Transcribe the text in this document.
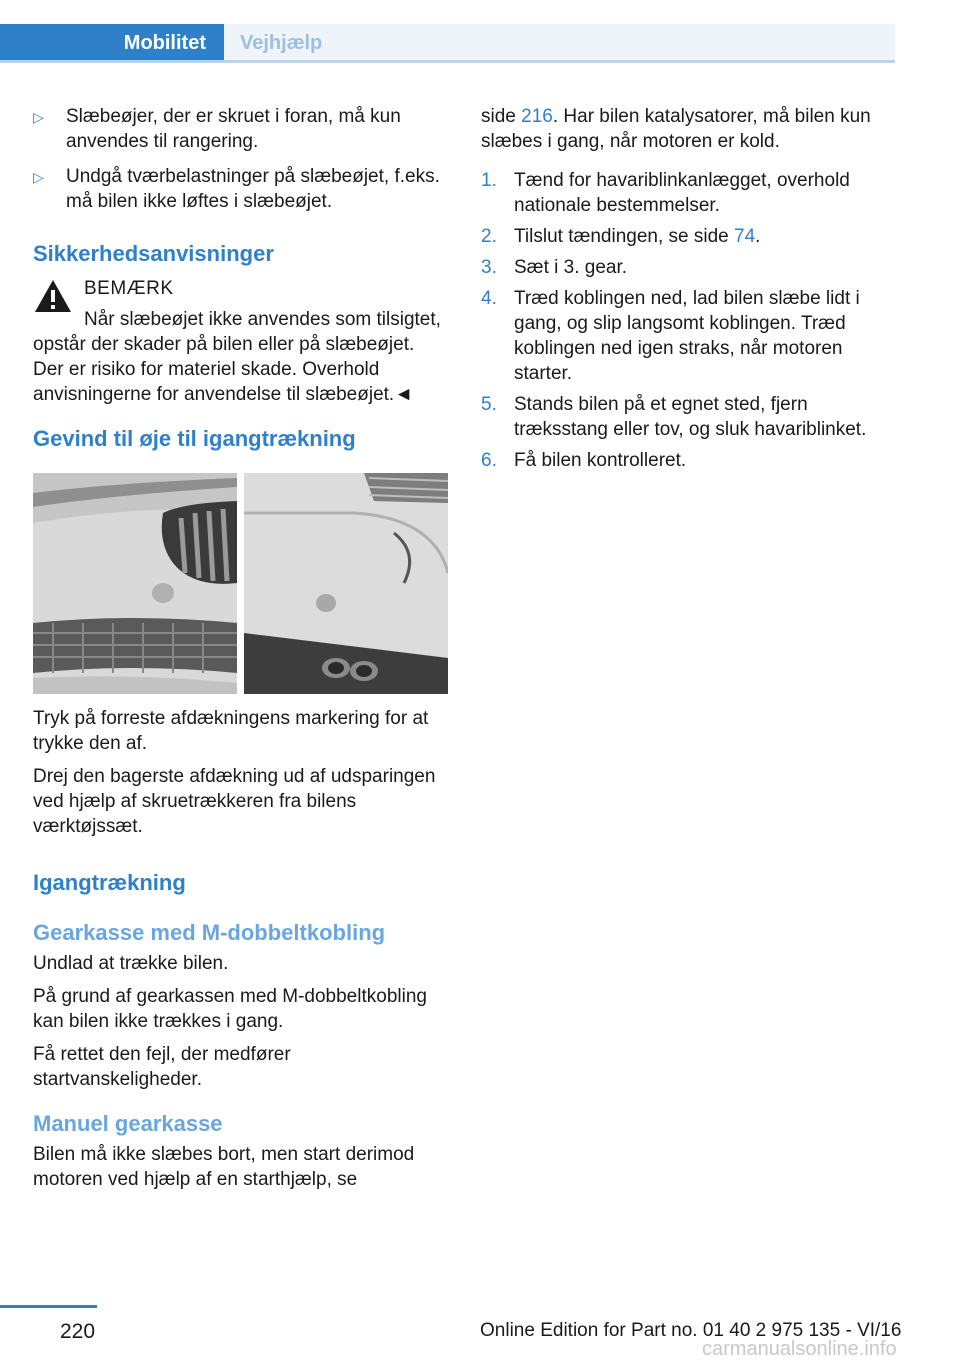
Mobilitet	Vejhjælp
▷	Slæbeøjer, der er skruet i foran, må kun anvendes til rangering.
▷	Undgå tværbelastninger på slæbeøjet, f.eks. må bilen ikke løftes i slæbeøjet.
Sikkerhedsanvisninger
BEMÆRK

Når slæbeøjet ikke anvendes som tilsigtet, opstår der skader på bilen eller på slæbeøjet. Der er risiko for materiel skade. Overhold anvisningerne for anvendelse til slæbeøjet.◄

Gevind til øje til igangtrækning

Tryk på forreste afdækningens markering for at trykke den af.

Drej den bagerste afdækning ud af udsparingen ved hjælp af skruetrækkeren fra bilens værktøjssæt.

Igangtrækning
Gearkasse med M-dobbeltkobling

Undlad at trække bilen.

På grund af gearkassen med M-dobbeltkobling kan bilen ikke trækkes i gang.

Få rettet den fejl, der medfører startvanskeligheder.

Manuel gearkasse

Bilen må ikke slæbes bort, men start derimod motoren ved hjælp af en starthjælp, se

side 216. Har bilen katalysatorer, må bilen kun slæbes i gang, når motoren er kold.

1. Tænd for havariblinkanlægget, overhold nationale bestemmelser.
2. Tilslut tændingen, se side 74.
3. Sæt i 3. gear.
4. Træd koblingen ned, lad bilen slæbe lidt i gang, og slip langsomt koblingen. Træd koblingen ned igen straks, når motoren starter.
5. Stands bilen på et egnet sted, fjern træksstang eller tov, og sluk havariblinket.
6. Få bilen kontrolleret.
220	Online Edition for Part no. 01 40 2 975 135 - VI/16
carmanualsonline.info
